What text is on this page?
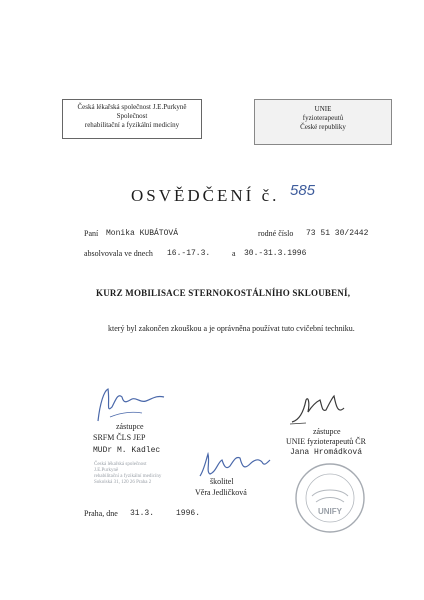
Česká lékařská společnost J.E.Purkyně
Společnost
rehabilitační a fyzikální medicíny
UNIE
fyzioterapeutů
České republiky
OSVĚDČENÍ č. 585
Paní Monika KUBÁTOVÁ	rodné číslo 73 51 30/2442
absolvovala ve dnech 16.-17.3.	a 30.-31.3.1996
KURZ MOBILISACE STERNOKOSTÁLNÍHO SKLOUBENÍ,
který byl zakončen zkouškou a je oprávněna používat tuto cvičební techniku.
zástupce
SRFM ČLS JEP
MUDr M. Kadlec
zástupce
UNIE fyzioterapeutů ČR
Jana Hromádková
Česká lékařská společnost
J.E.Purkyně
rehabilitační a fyzikální medicíny
Sokolská 31, 120 26 Praha 2	školitel
Věra Jedličková
UNIFY
Praha, dne 31.3.	1996.
